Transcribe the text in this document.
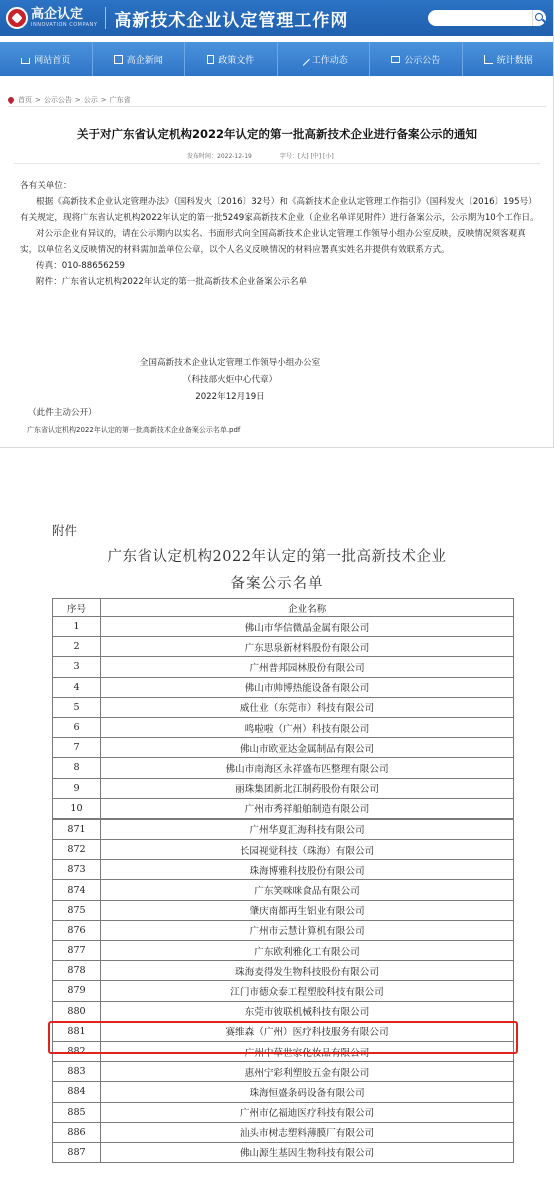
高企认定
INNOVATION COMPANY 高新技术企业认定管理工作网
网站首页	高企新闻	政策文件	工作动态	公示公告	统计数据
首页 > 公示公告 > 公示 > 广东省
关于对广东省认定机构2022年认定的第一批高新技术企业进行备案公示的通知
发布时间：2022-12-19	字号：[大] [中] [小]

各有关单位：

根据《高新技术企业认定管理办法》（国科发火〔2016〕32号）和《高新技术企业认定管理工作指引》（国科发火〔2016〕195号）有关规定，现将广东省认定机构2022年认定的第一批5249家高新技术企业（企业名单详见附件）进行备案公示，公示期为10个工作日。

对公示企业有异议的，请在公示期内以实名、书面形式向全国高新技术企业认定管理工作领导小组办公室反映，反映情况须客观真实，以单位名义反映情况的材料需加盖单位公章，以个人名义反映情况的材料应署真实姓名并提供有效联系方式。

传真：010-88656259

附件：广东省认定机构2022年认定的第一批高新技术企业备案公示名单

全国高新技术企业认定管理工作领导小组办公室
（科技部火炬中心代章）
2022年12月19日
（此件主动公开）
广东省认定机构2022年认定的第一批高新技术企业备案公示名单.pdf
附件
广东省认定机构2022年认定的第一批高新技术企业
备案公示名单
序号	企业名称
1	佛山市华信微晶金属有限公司
2	广东思泉新材料股份有限公司
3	广州普邦园林股份有限公司
4	佛山市帅博热能设备有限公司
5	威仕业（东莞市）科技有限公司
6	鸣啦啦（广州）科技有限公司
7	佛山市欧亚达金属制品有限公司
8	佛山市南海区永祥盛布匹整理有限公司
9	丽珠集团新北江制药股份有限公司
10	广州市秀祥船舶制造有限公司

871	广州华夏汇海科技有限公司
872	长园视觉科技（珠海）有限公司
873	珠海博雅科技股份有限公司
874	广东笑咪咪食品有限公司
875	肇庆南都再生铝业有限公司
876	广州市云慧计算机有限公司
877	广东欧利雅化工有限公司
878	珠海麦得发生物科技股份有限公司
879	江门市德众泰工程塑胶科技有限公司
880	东莞市彼联机械科技有限公司
881	赛维森（广州）医疗科技服务有限公司
882	广州中草世家化妆品有限公司
883	惠州宁彩利塑胶五金有限公司
884	珠海恒盛条码设备有限公司
885	广州市亿福迪医疗科技有限公司
886	汕头市树志塑料薄膜厂有限公司
887	佛山源生基因生物科技有限公司
